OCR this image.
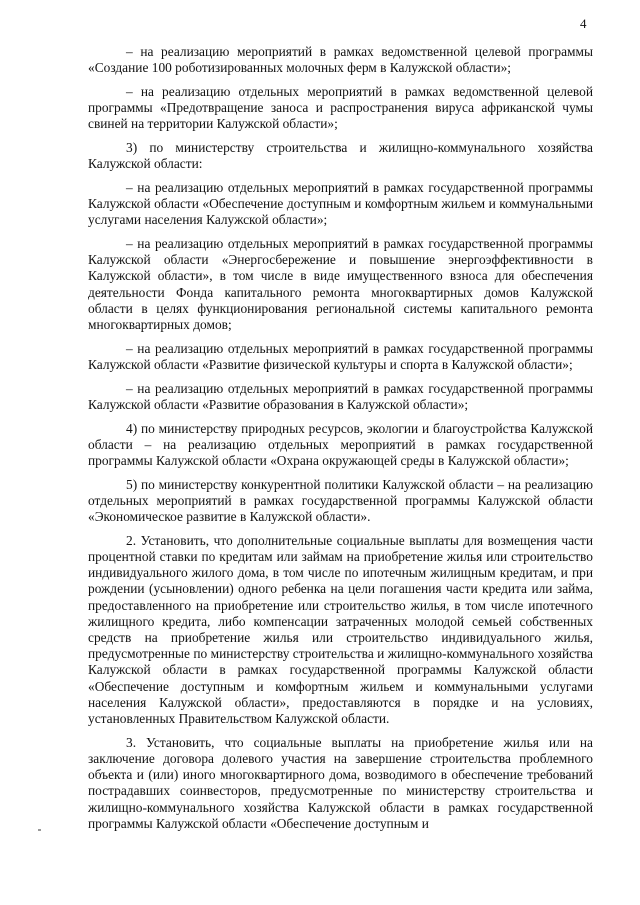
4

– на реализацию мероприятий в рамках ведомственной целевой программы «Создание 100 роботизированных молочных ферм в Калужской области»;

– на реализацию отдельных мероприятий в рамках ведомственной целевой программы «Предотвращение заноса и распространения вируса африканской чумы свиней на территории Калужской области»;

3) по министерству строительства и жилищно-коммунального хозяйства Калужской области:

– на реализацию отдельных мероприятий в рамках государственной программы Калужской области «Обеспечение доступным и комфортным жильем и коммунальными услугами населения Калужской области»;

– на реализацию отдельных мероприятий в рамках государственной программы Калужской области «Энергосбережение и повышение энергоэффективности в Калужской области», в том числе в виде имущественного взноса для обеспечения деятельности Фонда капитального ремонта многоквартирных домов Калужской области в целях функционирования региональной системы капитального ремонта многоквартирных домов;

– на реализацию отдельных мероприятий в рамках государственной программы Калужской области «Развитие физической культуры и спорта в Калужской области»;

– на реализацию отдельных мероприятий в рамках государственной программы Калужской области «Развитие образования в Калужской области»;

4) по министерству природных ресурсов, экологии и благоустройства Калужской области – на реализацию отдельных мероприятий в рамках государственной программы Калужской области «Охрана окружающей среды в Калужской области»;

5) по министерству конкурентной политики Калужской области – на реализацию отдельных мероприятий в рамках государственной программы Калужской области «Экономическое развитие в Калужской области».

2. Установить, что дополнительные социальные выплаты для возмещения части процентной ставки по кредитам или займам на приобретение жилья или строительство индивидуального жилого дома, в том числе по ипотечным жилищным кредитам, и при рождении (усыновлении) одного ребенка на цели погашения части кредита или займа, предоставленного на приобретение или строительство жилья, в том числе ипотечного жилищного кредита, либо компенсации затраченных молодой семьей собственных средств на приобретение жилья или строительство индивидуального жилья, предусмотренные по министерству строительства и жилищно-коммунального хозяйства Калужской области в рамках государственной программы Калужской области «Обеспечение доступным и комфортным жильем и коммунальными услугами населения Калужской области», предоставляются в порядке и на условиях, установленных Правительством Калужской области.

3. Установить, что социальные выплаты на приобретение жилья или на заключение договора долевого участия на завершение строительства проблемного объекта и (или) иного многоквартирного дома, возводимого в обеспечение требований пострадавших соинвесторов, предусмотренные по министерству строительства и жилищно-коммунального хозяйства Калужской области в рамках государственной программы Калужской области «Обеспечение доступным и
